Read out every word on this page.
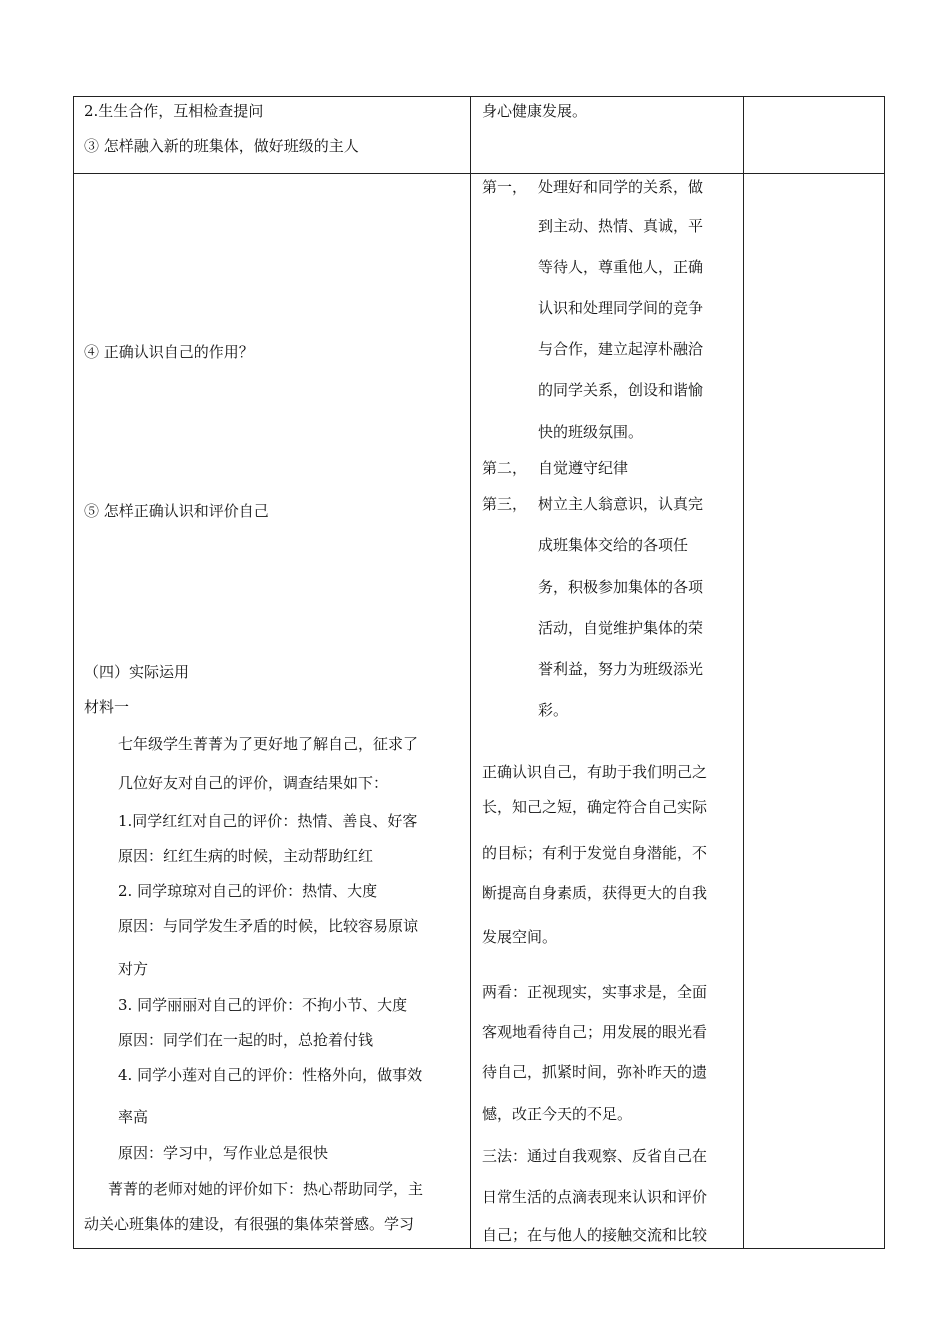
2.生生合作，互相检查提问
③ 怎样融入新的班集体，做好班级的主人
身心健康发展。
④ 正确认识自己的作用？
⑤ 怎样正确认识和评价自己
（四）实际运用
材料一
七年级学生菁菁为了更好地了解自己，征求了
几位好友对自己的评价，调查结果如下：
1.同学红红对自己的评价：热情、善良、好客
原因：红红生病的时候，主动帮助红红
2. 同学琼琼对自己的评价：热情、大度
原因：与同学发生矛盾的时候，比较容易原谅
对方
3. 同学丽丽对自己的评价：不拘小节、大度
原因：同学们在一起的时，总抢着付钱
4. 同学小莲对自己的评价：性格外向，做事效
率高
原因：学习中，写作业总是很快
菁菁的老师对她的评价如下：热心帮助同学，主
动关心班集体的建设，有很强的集体荣誉感。学习
第一， 处理好和同学的关系，做
到主动、热情、真诚，平
等待人，尊重他人，正确
认识和处理同学间的竞争
与合作，建立起淳朴融洽
的同学关系，创设和谐愉
快的班级氛围。
第二， 自觉遵守纪律
第三， 树立主人翁意识，认真完
成班集体交给的各项任
务，积极参加集体的各项
活动，自觉维护集体的荣
誉利益，努力为班级添光
彩。
正确认识自己，有助于我们明己之
长，知己之短，确定符合自己实际
的目标；有利于发觉自身潜能，不
断提高自身素质，获得更大的自我
发展空间。
两看：正视现实，实事求是，全面
客观地看待自己；用发展的眼光看
待自己，抓紧时间，弥补昨天的遗
憾，改正今天的不足。
三法：通过自我观察、反省自己在
日常生活的点滴表现来认识和评价
自己；在与他人的接触交流和比较
